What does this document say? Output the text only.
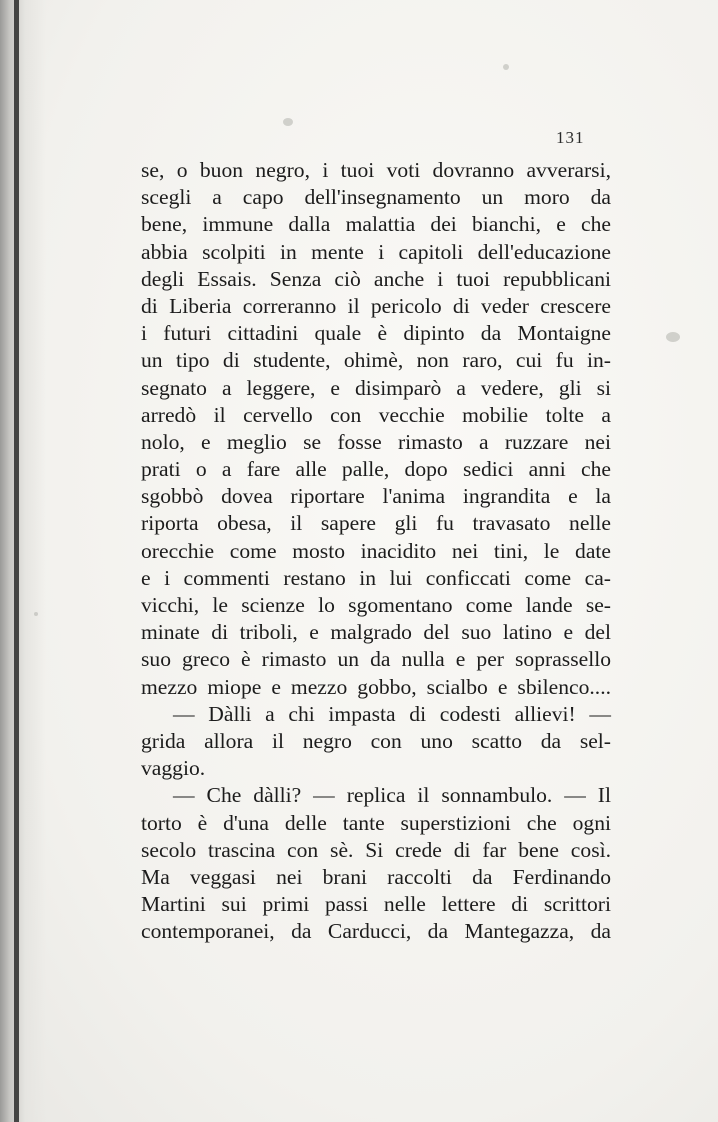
131
se, o buon negro, i tuoi voti dovranno avverarsi,
scegli a capo dell'insegnamento un moro da
bene, immune dalla malattia dei bianchi, e che
abbia scolpiti in mente i capitoli dell'educazione
degli Essais. Senza ciò anche i tuoi repubblicani
di Liberia correranno il pericolo di veder crescere
i futuri cittadini quale è dipinto da Montaigne
un tipo di studente, ohimè, non raro, cui fu in-
segnato a leggere, e disimparò a vedere, gli si
arredò il cervello con vecchie mobilie tolte a
nolo, e meglio se fosse rimasto a ruzzare nei
prati o a fare alle palle, dopo sedici anni che
sgobbò dovea riportare l'anima ingrandita e la
riporta obesa, il sapere gli fu travasato nelle
orecchie come mosto inacidito nei tini, le date
e i commenti restano in lui conficcati come ca-
vicchi, le scienze lo sgomentano come lande se-
minate di triboli, e malgrado del suo latino e del
suo greco è rimasto un da nulla e per soprassello
mezzo miope e mezzo gobbo, scialbo e sbilenco....
— Dàlli a chi impasta di codesti allievi! —
grida allora il negro con uno scatto da sel-
vaggio.
— Che dàlli? — replica il sonnambulo. — Il
torto è d'una delle tante superstizioni che ogni
secolo trascina con sè. Si crede di far bene così.
Ma veggasi nei brani raccolti da Ferdinando
Martini sui primi passi nelle lettere di scrittori
contemporanei, da Carducci, da Mantegazza, da
